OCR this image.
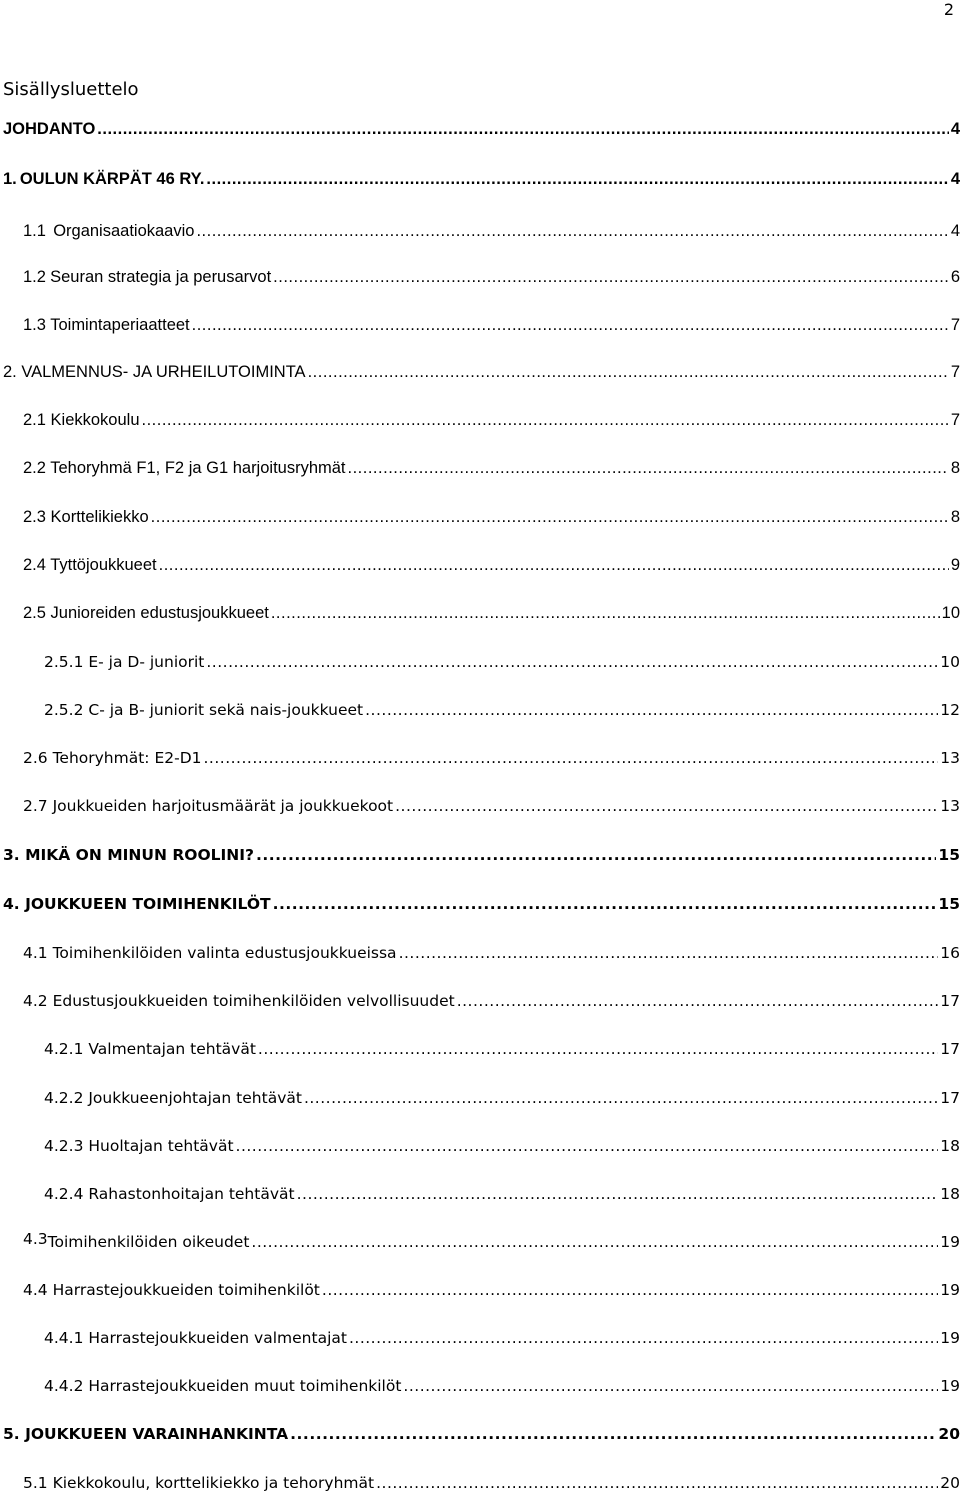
2
Sisällysluettelo
JOHDANTO .....	4
1. OULUN KÄRPÄT 46 RY. .....	4
1.1 Organisaatiokaavio .....	4
1.2 Seuran strategia ja perusarvot .....	6
1.3 Toimintaperiaatteet .....	7
2. VALMENNUS- JA URHEILUTOIMINTA .....	7
2.1 Kiekkokoulu .....	7
2.2 Tehoryhmä F1, F2 ja G1 harjoitusryhmät .....	8
2.3 Korttelikiekko .....	8
2.4 Tyttöjoukkueet .....	9
2.5 Junioreiden edustusjoukkueet .....	10
2.5.1 E- ja D- juniorit .....	10
2.5.2 C- ja B- juniorit sekä nais-joukkueet .....	12
2.6 Tehoryhmät: E2-D1 .....	13
2.7 Joukkueiden harjoitusmäärät ja joukkuekoot .....	13
3. MIKÄ ON MINUN ROOLINI? .....	15
4. JOUKKUEEN TOIMIHENKILÖT .....	15
4.1 Toimihenkilöiden valinta edustusjoukkueissa .....	16
4.2 Edustusjoukkueiden toimihenkilöiden velvollisuudet .....	17
4.2.1 Valmentajan tehtävät .....	17
4.2.2 Joukkueenjohtajan tehtävät .....	17
4.2.3 Huoltajan tehtävät .....	18
4.2.4 Rahastonhoitajan tehtävät .....	18
4.3 Toimihenkilöiden oikeudet .....	19
4.4 Harrastejoukkueiden toimihenkilöt .....	19
4.4.1 Harrastejoukkueiden valmentajat .....	19
4.4.2 Harrastejoukkueiden muut toimihenkilöt .....	19
5. JOUKKUEEN VARAINHANKINTA .....	20
5.1 Kiekkokoulu, korttelikiekko ja tehoryhmät .....	20
